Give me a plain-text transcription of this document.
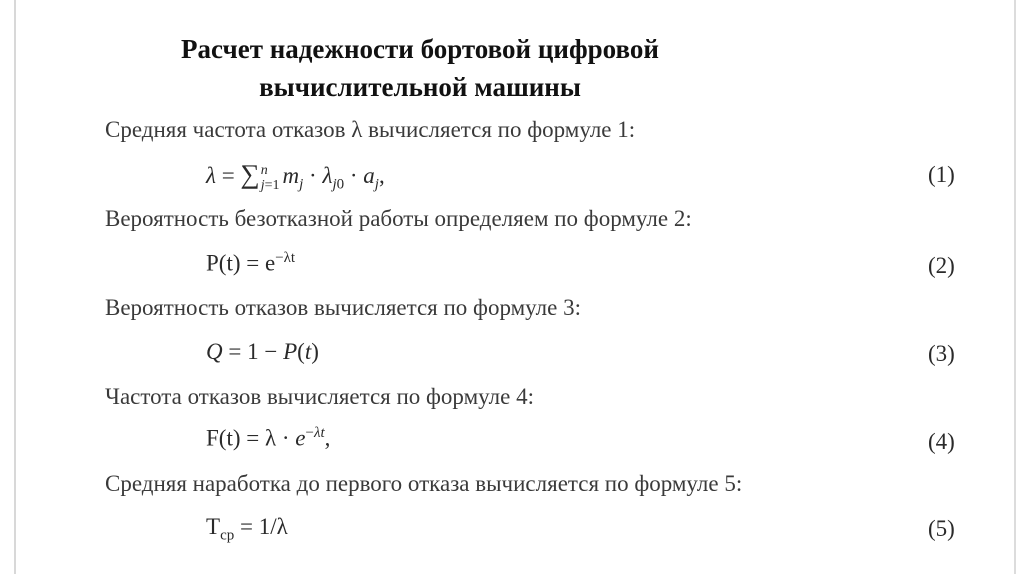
Расчет надежности бортовой цифровой
вычислительной машины
Средняя частота отказов λ вычисляется по формуле 1:
λ = ∑ n
j=1 $m_j \cdot \lambda_{j0} \cdot a_j$,	(1)
Вероятность безотказной работы определяем по формуле 2:
$P(t) = e^{-\lambda t}$	(2)
Вероятность отказов вычисляется по формуле 3:
Q = 1 − P(t)	(3)
Частота отказов вычисляется по формуле 4:
$F(t) = \lambda \cdot e^{-\lambda t}$,	(4)
Средняя наработка до первого отказа вычисляется по формуле 5:
$T_{ср} = 1/\lambda$	(5)
